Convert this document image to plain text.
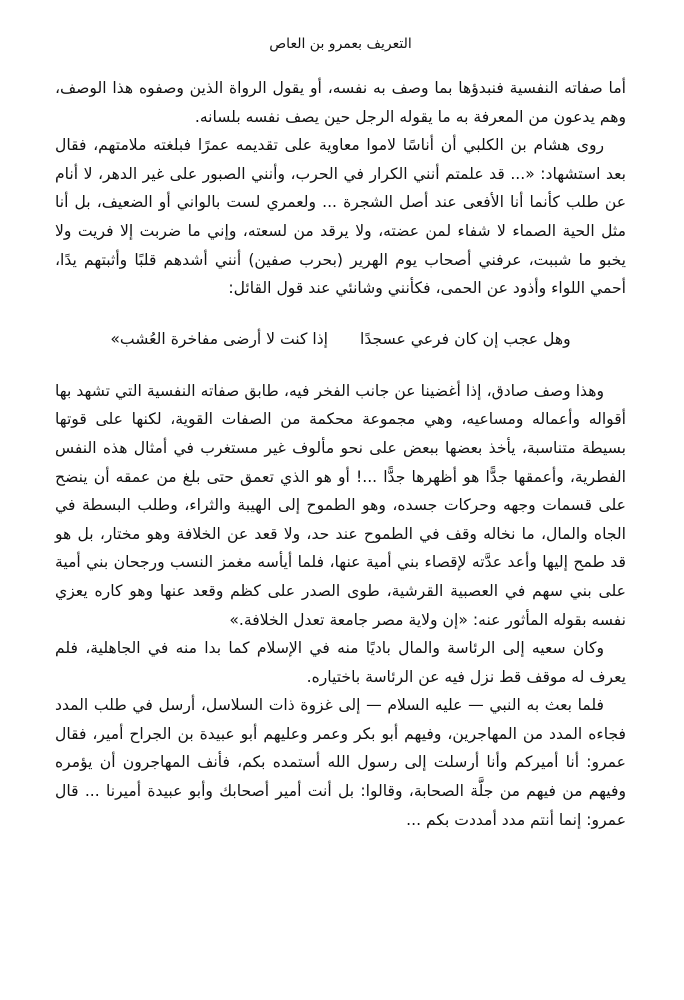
التعريف بعمرو بن العاص

أما صفاته النفسية فنبدؤها بما وصف به نفسه، أو يقول الرواة الذين وصفوه هذا الوصف، وهم يدعون من المعرفة به ما يقوله الرجل حين يصف نفسه بلسانه.

روى هشام بن الكلبي أن أناسًا لاموا معاوية على تقديمه عمرًا فبلغته ملامتهم، فقال بعد استشهاد: «... قد علمتم أنني الكرار في الحرب، وأنني الصبور على غير الدهر، لا أنام عن طلب كأنما أنا الأفعى عند أصل الشجرة ... ولعمري لست بالواني أو الضعيف، بل أنا مثل الحية الصماء لا شفاء لمن عضته، ولا يرقد من لسعته، وإني ما ضربت إلا فريت ولا يخبو ما شببت، عرفني أصحاب يوم الهرير (بحرب صفين) أنني أشدهم قلبًا وأثبتهم يدًا، أحمي اللواء وأذود عن الحمى، فكأنني وشانئي عند قول القائل:

وهل عجب إن كان فرعي عسجدًا
إذا كنت لا أرضى مفاخرة العُشب»

وهذا وصف صادق، إذا أغضينا عن جانب الفخر فيه، طابق صفاته النفسية التي تشهد بها أقواله وأعماله ومساعيه، وهي مجموعة محكمة من الصفات القوية، لكنها على قوتها بسيطة متناسبة، يأخذ بعضها ببعض على نحو مألوف غير مستغرب في أمثال هذه النفس الفطرية، وأعمقها جدًّا هو أظهرها جدًّا ...! أو هو الذي تعمق حتى بلغ من عمقه أن ينضح على قسمات وجهه وحركات جسده، وهو الطموح إلى الهيبة والثراء، وطلب البسطة في الجاه والمال، ما نخاله وقف في الطموح عند حد، ولا قعد عن الخلافة وهو مختار، بل هو قد طمح إليها وأعد عدَّته لإقصاء بني أمية عنها، فلما أيأسه مغمز النسب ورجحان بني أمية على بني سهم في العصبية القرشية، طوى الصدر على كظم وقعد عنها وهو كاره يعزي نفسه بقوله المأثور عنه: «إن ولاية مصر جامعة تعدل الخلافة.»

وكان سعيه إلى الرئاسة والمال باديًا منه في الإسلام كما بدا منه في الجاهلية، فلم يعرف له موقف قط نزل فيه عن الرئاسة باختياره.

فلما بعث به النبي — عليه السلام — إلى غزوة ذات السلاسل، أرسل في طلب المدد فجاءه المدد من المهاجرين، وفيهم أبو بكر وعمر وعليهم أبو عبيدة بن الجراح أمير، فقال عمرو: أنا أميركم وأنا أرسلت إلى رسول الله أستمده بكم، فأنف المهاجرون أن يؤمره وفيهم من فيهم من جلَّة الصحابة، وقالوا: بل أنت أمير أصحابك وأبو عبيدة أميرنا ... قال عمرو: إنما أنتم مدد أمددت بكم ...
